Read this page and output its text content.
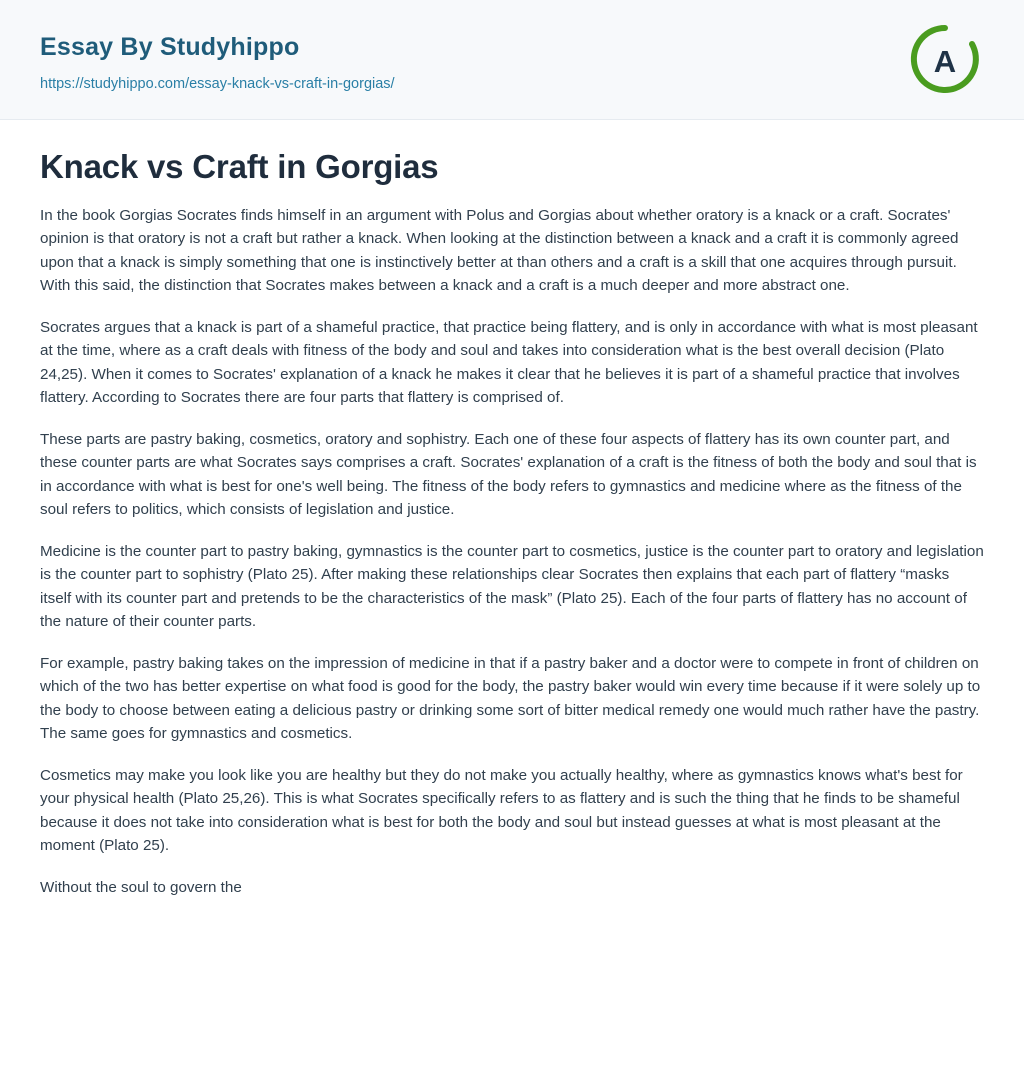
Essay By Studyhippo
https://studyhippo.com/essay-knack-vs-craft-in-gorgias/
A
Knack vs Craft in Gorgias

In the book Gorgias Socrates finds himself in an argument with Polus and Gorgias about whether oratory is a knack or a craft. Socrates' opinion is that oratory is not a craft but rather a knack. When looking at the distinction between a knack and a craft it is commonly agreed upon that a knack is simply something that one is instinctively better at than others and a craft is a skill that one acquires through pursuit. With this said, the distinction that Socrates makes between a knack and a craft is a much deeper and more abstract one.

Socrates argues that a knack is part of a shameful practice, that practice being flattery, and is only in accordance with what is most pleasant at the time, where as a craft deals with fitness of the body and soul and takes into consideration what is the best overall decision (Plato 24,25). When it comes to Socrates' explanation of a knack he makes it clear that he believes it is part of a shameful practice that involves flattery. According to Socrates there are four parts that flattery is comprised of.

These parts are pastry baking, cosmetics, oratory and sophistry. Each one of these four aspects of flattery has its own counter part, and these counter parts are what Socrates says comprises a craft. Socrates' explanation of a craft is the fitness of both the body and soul that is in accordance with what is best for one's well being. The fitness of the body refers to gymnastics and medicine where as the fitness of the soul refers to politics, which consists of legislation and justice.

Medicine is the counter part to pastry baking, gymnastics is the counter part to cosmetics, justice is the counter part to oratory and legislation is the counter part to sophistry (Plato 25). After making these relationships clear Socrates then explains that each part of flattery “masks itself with its counter part and pretends to be the characteristics of the mask” (Plato 25). Each of the four parts of flattery has no account of the nature of their counter parts.

For example, pastry baking takes on the impression of medicine in that if a pastry baker and a doctor were to compete in front of children on which of the two has better expertise on what food is good for the body, the pastry baker would win every time because if it were solely up to the body to choose between eating a delicious pastry or drinking some sort of bitter medical remedy one would much rather have the pastry. The same goes for gymnastics and cosmetics.

Cosmetics may make you look like you are healthy but they do not make you actually healthy, where as gymnastics knows what's best for your physical health (Plato 25,26). This is what Socrates specifically refers to as flattery and is such the thing that he finds to be shameful because it does not take into consideration what is best for both the body and soul but instead guesses at what is most pleasant at the moment (Plato 25).

Without the soul to govern the
